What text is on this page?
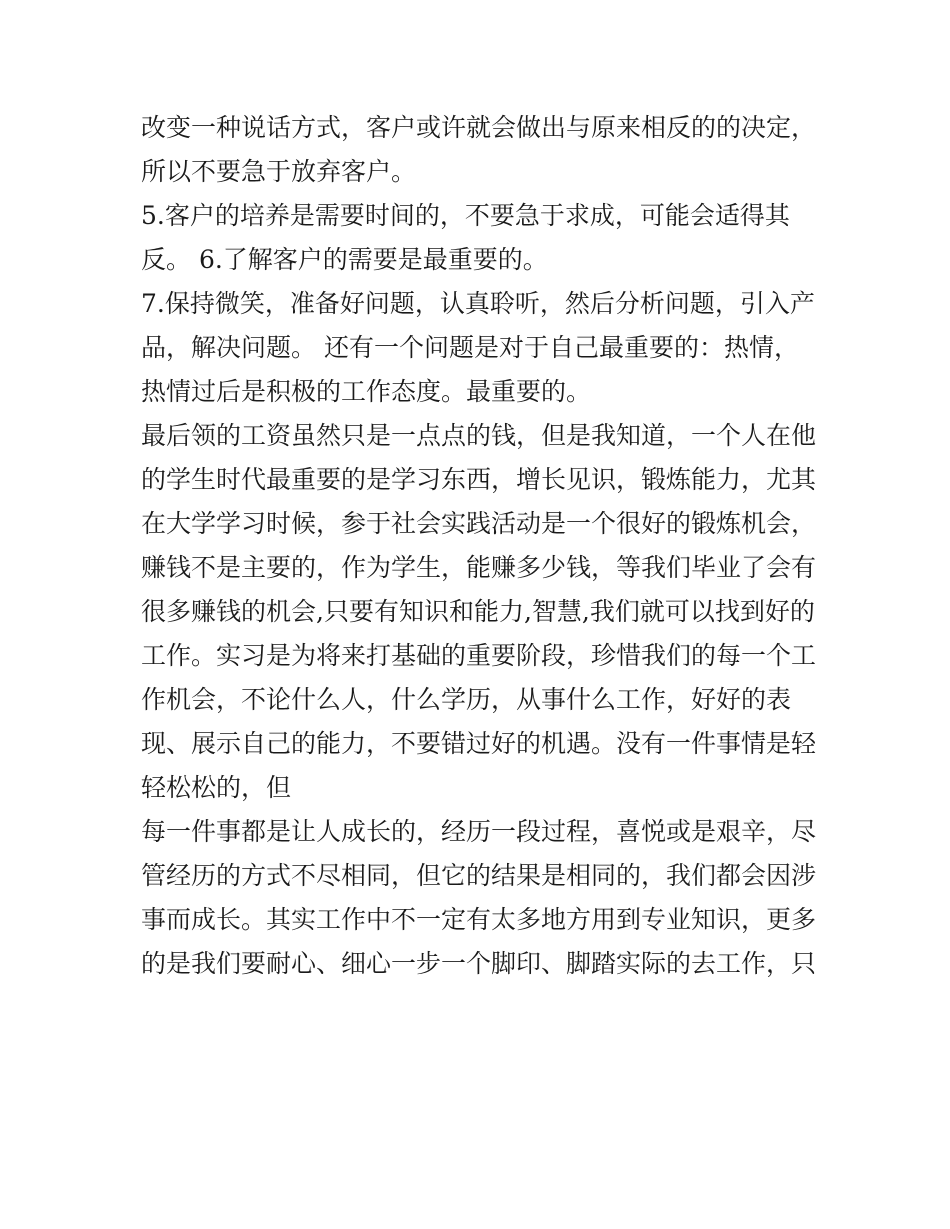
改变一种说话方式，客户或许就会做出与原来相反的的决定，
所以不要急于放弃客户。
5.客户的培养是需要时间的，不要急于求成，可能会适得其
反。 6.了解客户的需要是最重要的。
7.保持微笑，准备好问题，认真聆听，然后分析问题，引入产
品，解决问题。 还有一个问题是对于自己最重要的：热情，
热情过后是积极的工作态度。最重要的。
最后领的工资虽然只是一点点的钱，但是我知道，一个人在他
的学生时代最重要的是学习东西，增长见识，锻炼能力，尤其
在大学学习时候，参于社会实践活动是一个很好的锻炼机会，
赚钱不是主要的，作为学生，能赚多少钱，等我们毕业了会有
很多赚钱的机会,只要有知识和能力,智慧,我们就可以找到好的
工作。实习是为将来打基础的重要阶段，珍惜我们的每一个工
作机会，不论什么人，什么学历，从事什么工作，好好的表
现、展示自己的能力，不要错过好的机遇。没有一件事情是轻
轻松松的，但
每一件事都是让人成长的，经历一段过程，喜悦或是艰辛，尽
管经历的方式不尽相同，但它的结果是相同的，我们都会因涉
事而成长。其实工作中不一定有太多地方用到专业知识，更多
的是我们要耐心、细心一步一个脚印、脚踏实际的去工作，只
